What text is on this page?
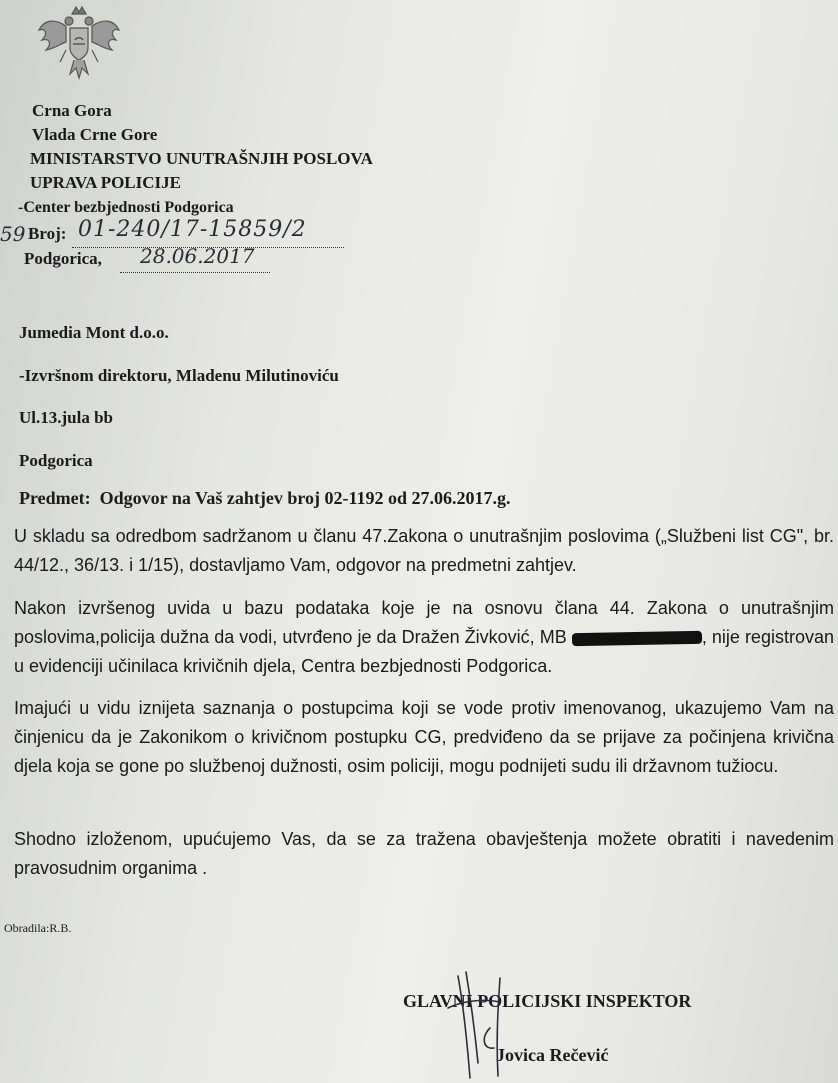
Crna Gora
Vlada Crne Gore
MINISTARSTVO UNUTRAŠNJIH POSLOVA
UPRAVA POLICIJE
-Center bezbjednosti Podgorica
59 Broj: 01-240/17-15859/2
Podgorica, 28.06.2017
Jumedia Mont d.o.o.
-Izvršnom direktoru, Mladenu Milutinoviću
Ul.13.jula bb
Podgorica
Predmet: Odgovor na Vaš zahtjev broj 02-1192 od 27.06.2017.g.
U skladu sa odredbom sadržanom u članu 47.Zakona o unutrašnjim poslovima („Službeni list CG", br. 44/12., 36/13. i 1/15), dostavljamo Vam, odgovor na predmetni zahtjev.
Nakon izvršenog uvida u bazu podataka koje je na osnovu člana 44. Zakona o unutrašnjim poslovima,policija dužna da vodi, utvrđeno je da Dražen Živković, MB	, nije registrovan u evidenciji učinilaca krivičnih djela, Centra bezbjednosti Podgorica.
Imajući u vidu iznijeta saznanja o postupcima koji se vode protiv imenovanog, ukazujemo Vam na činjenicu da je Zakonikom o krivičnom postupku CG, predviđeno da se prijave za počinjena krivična djela koja se gone po službenoj dužnosti, osim policiji, mogu podnijeti sudu ili državnom tužiocu.
Shodno izloženom, upućujemo Vas, da se za tražena obavještenja možete obratiti i navedenim pravosudnim organima .
Obradila:R.B.
GLAVNI POLICIJSKI INSPEKTOR
Jovica Rečević
